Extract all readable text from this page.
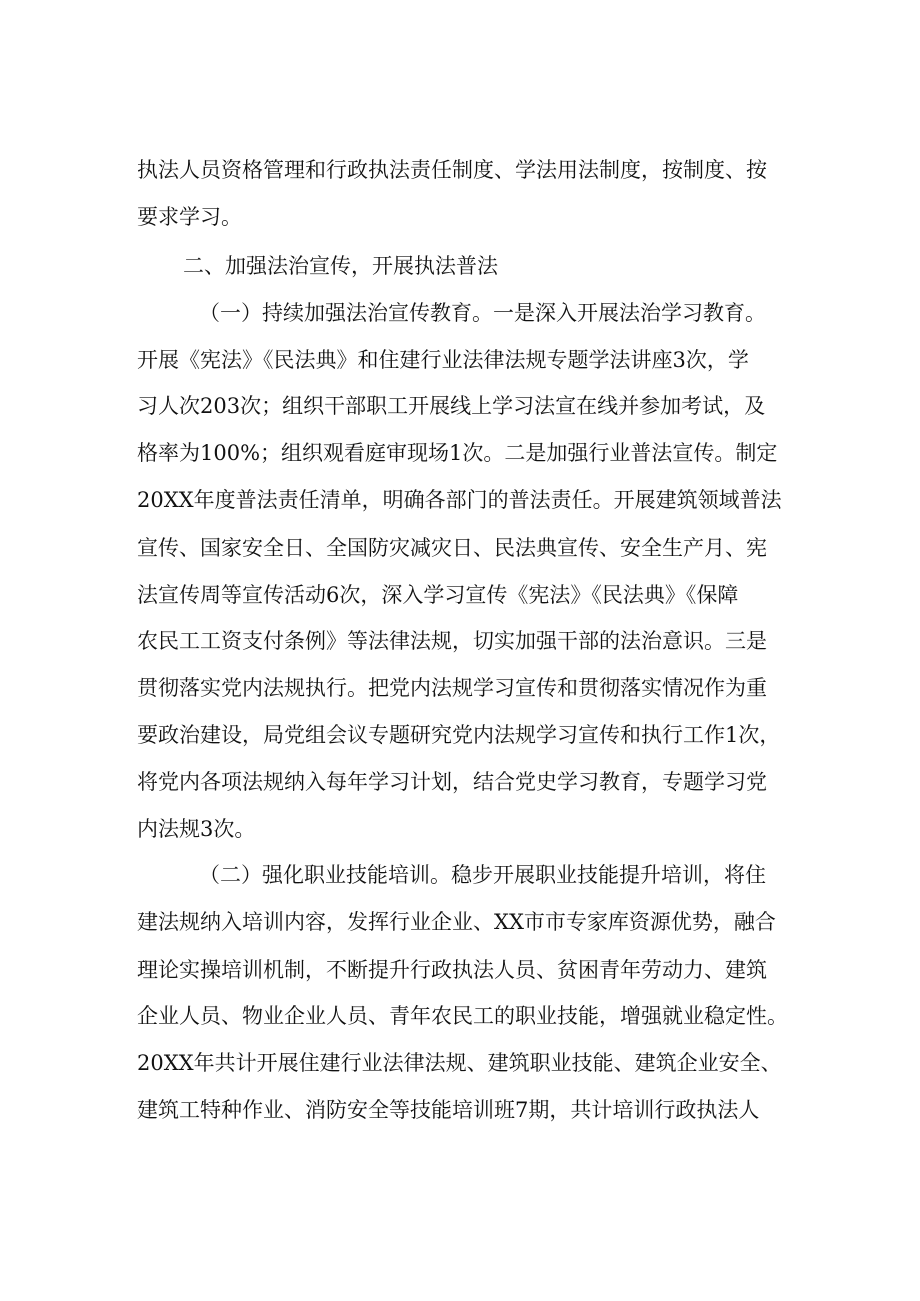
执法人员资格管理和行政执法责任制度、学法用法制度，按制度、按
要求学习。
二、加强法治宣传，开展执法普法
（一）持续加强法治宣传教育。一是深入开展法治学习教育。
开展《宪法》《民法典》和住建行业法律法规专题学法讲座3次，学
习人次203次；组织干部职工开展线上学习法宣在线并参加考试，及
格率为100%；组织观看庭审现场1次。二是加强行业普法宣传。制定
20XX年度普法责任清单，明确各部门的普法责任。开展建筑领域普法
宣传、国家安全日、全国防灾减灾日、民法典宣传、安全生产月、宪
法宣传周等宣传活动6次，深入学习宣传《宪法》《民法典》《保障
农民工工资支付条例》等法律法规，切实加强干部的法治意识。三是
贯彻落实党内法规执行。把党内法规学习宣传和贯彻落实情况作为重
要政治建设，局党组会议专题研究党内法规学习宣传和执行工作1次，
将党内各项法规纳入每年学习计划，结合党史学习教育，专题学习党
内法规3次。
（二）强化职业技能培训。稳步开展职业技能提升培训，将住
建法规纳入培训内容，发挥行业企业、XX市市专家库资源优势，融合
理论实操培训机制，不断提升行政执法人员、贫困青年劳动力、建筑
企业人员、物业企业人员、青年农民工的职业技能，增强就业稳定性。
20XX年共计开展住建行业法律法规、建筑职业技能、建筑企业安全、
建筑工特种作业、消防安全等技能培训班7期，共计培训行政执法人
